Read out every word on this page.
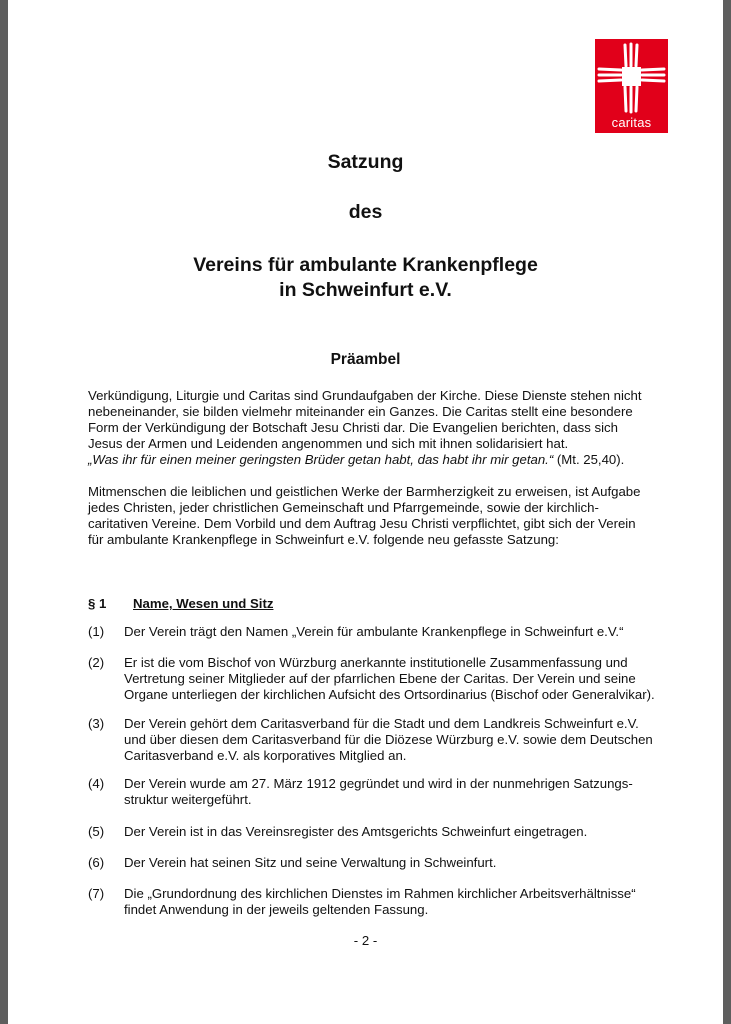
caritas
Satzung
des
Vereins für ambulante Krankenpflege
in Schweinfurt e.V.
Präambel
Verkündigung, Liturgie und Caritas sind Grundaufgaben der Kirche. Diese Dienste stehen nicht
nebeneinander, sie bilden vielmehr miteinander ein Ganzes. Die Caritas stellt eine besondere
Form der Verkündigung der Botschaft Jesu Christi dar. Die Evangelien berichten, dass sich
Jesus der Armen und Leidenden angenommen und sich mit ihnen solidarisiert hat.
„Was ihr für einen meiner geringsten Brüder getan habt, das habt ihr mir getan.“ (Mt. 25,40).
Mitmenschen die leiblichen und geistlichen Werke der Barmherzigkeit zu erweisen, ist Aufgabe
jedes Christen, jeder christlichen Gemeinschaft und Pfarrgemeinde, sowie der kirchlich-
caritativen Vereine. Dem Vorbild und dem Auftrag Jesu Christi verpflichtet, gibt sich der Verein
für ambulante Krankenpflege in Schweinfurt e.V. folgende neu gefasste Satzung:
§ 1 Name, Wesen und Sitz
(1) Der Verein trägt den Namen „Verein für ambulante Krankenpflege in Schweinfurt e.V.“
(2) Er ist die vom Bischof von Würzburg anerkannte institutionelle Zusammenfassung und
Vertretung seiner Mitglieder auf der pfarrlichen Ebene der Caritas. Der Verein und seine
Organe unterliegen der kirchlichen Aufsicht des Ortsordinarius (Bischof oder Generalvikar).
(3) Der Verein gehört dem Caritasverband für die Stadt und dem Landkreis Schweinfurt e.V.
und über diesen dem Caritasverband für die Diözese Würzburg e.V. sowie dem Deutschen
Caritasverband e.V. als korporatives Mitglied an.
(4) Der Verein wurde am 27. März 1912 gegründet und wird in der nunmehrigen Satzungs-
struktur weitergeführt.
(5) Der Verein ist in das Vereinsregister des Amtsgerichts Schweinfurt eingetragen.
(6) Der Verein hat seinen Sitz und seine Verwaltung in Schweinfurt.
(7) Die „Grundordnung des kirchlichen Dienstes im Rahmen kirchlicher Arbeitsverhältnisse“
findet Anwendung in der jeweils geltenden Fassung.
- 2 -
